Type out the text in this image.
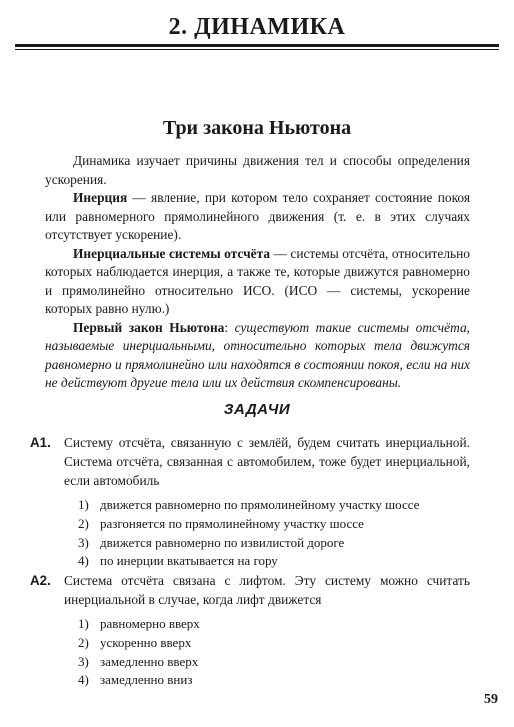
2. ДИНАМИКА
Три закона Ньютона

Динамика изучает причины движения тел и способы определения ускорения.

Инерция — явление, при котором тело сохраняет состояние покоя или равномерного прямолинейного движения (т. е. в этих случаях отсутствует ускорение).

Инерциальные системы отсчёта — системы отсчёта, относительно которых наблюдается инерция, а также те, которые движутся равномерно и прямолинейно относительно ИСО. (ИСО — системы, ускорение которых равно нулю.)

Первый закон Ньютона: существуют такие системы отсчёта, называемые инерциальными, относительно которых тела движутся равномерно и прямолинейно или находятся в состоянии покоя, если на них не действуют другие тела или их действия скомпенсированы.

ЗАДАЧИ
A1. Систему отсчёта, связанную с землёй, будем считать инерциальной. Система отсчёта, связанная с автомобилем, тоже будет инерциальной, если автомобиль
1) движется равномерно по прямолинейному участку шоссе
2) разгоняется по прямолинейному участку шоссе
3) движется равномерно по извилистой дороге
4) по инерции вкатывается на гору
A2. Система отсчёта связана с лифтом. Эту систему можно считать инерциальной в случае, когда лифт движется
1) равномерно вверх
2) ускоренно вверх
3) замедленно вверх
4) замедленно вниз
59
